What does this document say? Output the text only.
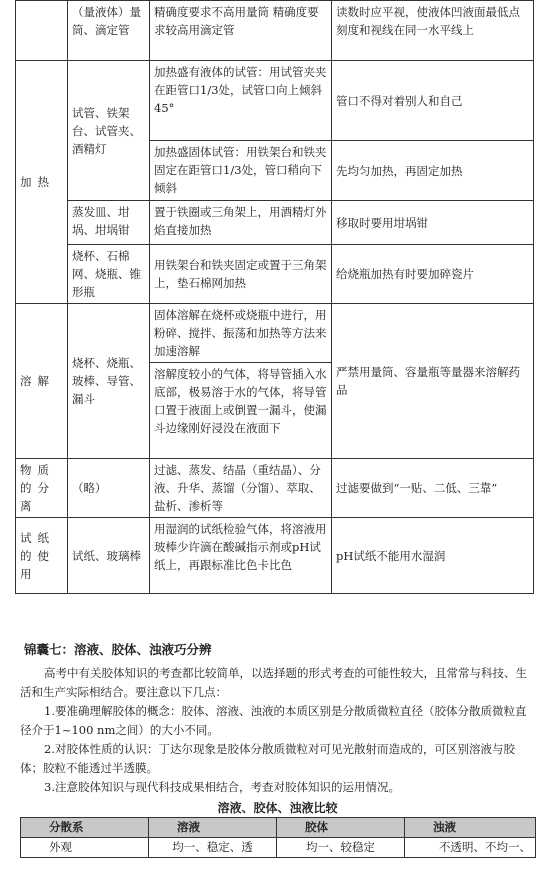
	（量液体）量筒、滴定管	精确度要求不高用量筒 精确度要求较高用滴定管	读数时应平视，使液体凹液面最低点刻度和视线在同一水平线上
加热	试管、铁架台、试管夹、酒精灯	加热盛有液体的试管：用试管夹夹在距管口1/3处，试管口向上倾斜45°	管口不得对着别人和自己
		加热盛固体试管：用铁架台和铁夹固定在距管口1/3处，管口稍向下倾斜	先均匀加热，再固定加热
	蒸发皿、坩埚、坩埚钳	置于铁圈或三角架上，用酒精灯外焰直接加热	移取时要用坩埚钳
	烧杯、石棉网、烧瓶、锥形瓶	用铁架台和铁夹固定或置于三角架上，垫石棉网加热	给烧瓶加热有时要加碎瓷片
溶解	烧杯、烧瓶、玻棒、导管、漏斗	固体溶解在烧杯或烧瓶中进行，用粉碎、搅拌、振荡和加热等方法来加速溶解	严禁用量筒、容量瓶等量器来溶解药品
		溶解度较小的气体，将导管插入水底部，极易溶于水的气体，将导管口置于液面上或倒置一漏斗，使漏斗边缘刚好浸没在液面下	
物质的分离	（略）	过滤、蒸发、结晶（重结晶）、分液、升华、蒸馏（分馏）、萃取、盐析、渗析等	过滤要做到“一贴、二低、三靠”
试纸的使用	试纸、玻璃棒	用湿润的试纸检验气体，将溶液用玻棒少许滴在酸碱指示剂或pH试纸上，再跟标准比色卡比色	pH试纸不能用水湿润
锦囊七：溶液、胶体、浊液巧分辨

高考中有关胶体知识的考查都比较简单，以选择题的形式考查的可能性较大，且常常与科技、生活和生产实际相结合。要注意以下几点：

1.要准确理解胶体的概念：胶体、溶液、浊液的本质区别是分散质微粒直径（胶体分散质微粒直径介于1~100 nm之间）的大小不同。

2.对胶体性质的认识：丁达尔现象是胶体分散质微粒对可见光散射而造成的，可区别溶液与胶体；胶粒不能透过半透膜。

3.注意胶体知识与现代科技成果相结合，考查对胶体知识的运用情况。

溶液、胶体、浊液比较
分散系	溶液	胶体	浊液
外观	均一、稳定、透	均一、较稳定	不透明、不均一、
